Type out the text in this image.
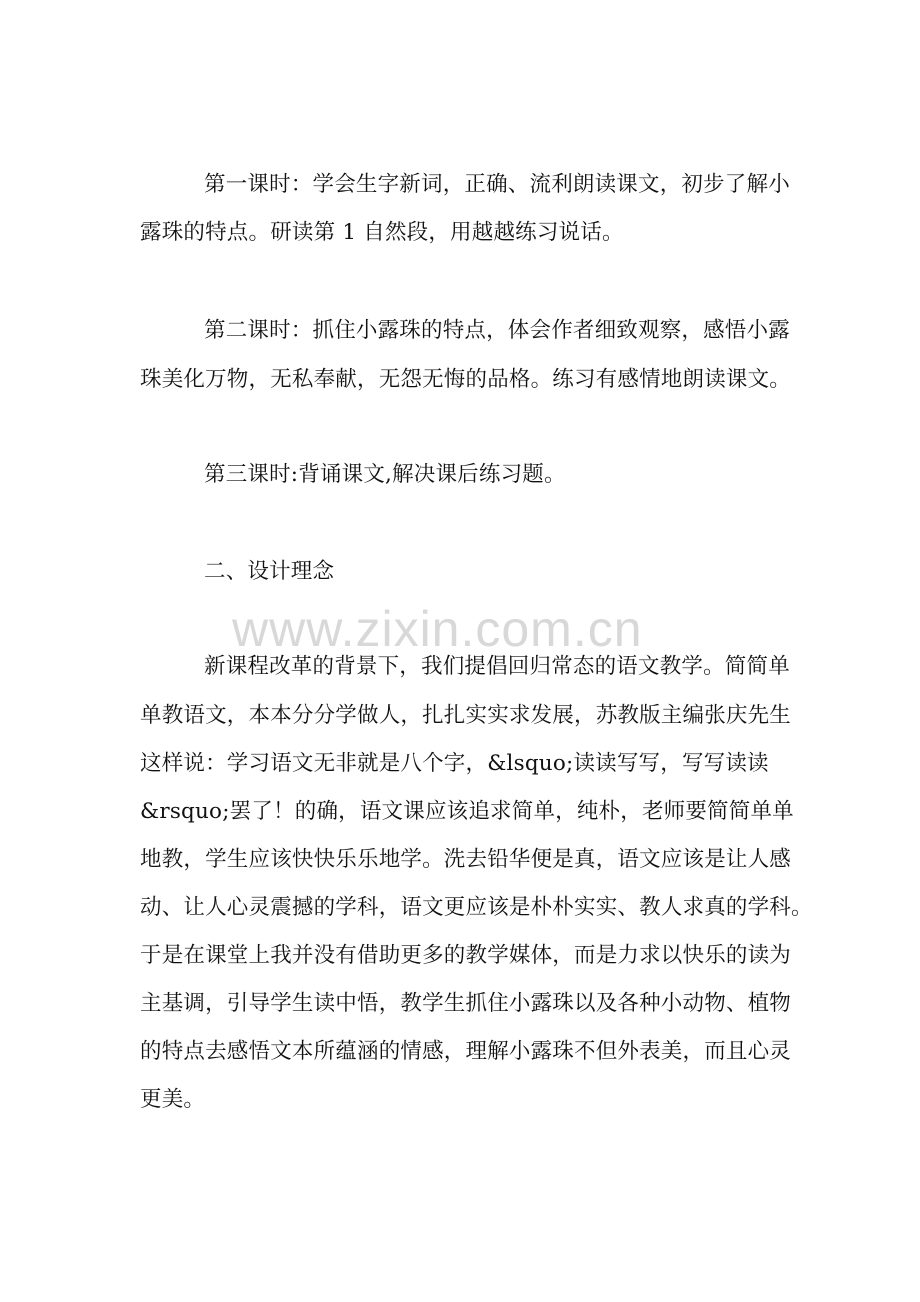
第一课时：学会生字新词，正确、流利朗读课文，初步了解小
露珠的特点。研读第 1 自然段，用越越练习说话。
第二课时：抓住小露珠的特点，体会作者细致观察，感悟小露
珠美化万物，无私奉献，无怨无悔的品格。练习有感情地朗读课文。
第三课时:背诵课文,解决课后练习题。
二、设计理念
www.zixin.com.cn
新课程改革的背景下，我们提倡回归常态的语文教学。简简单
单教语文，本本分分学做人，扎扎实实求发展，苏教版主编张庆先生
这样说：学习语文无非就是八个字，&lsquo;读读写写，写写读读
&rsquo;罢了！的确，语文课应该追求简单，纯朴，老师要简简单单
地教，学生应该快快乐乐地学。洗去铅华便是真，语文应该是让人感
动、让人心灵震撼的学科，语文更应该是朴朴实实、教人求真的学科。
于是在课堂上我并没有借助更多的教学媒体，而是力求以快乐的读为
主基调，引导学生读中悟，教学生抓住小露珠以及各种小动物、植物
的特点去感悟文本所蕴涵的情感，理解小露珠不但外表美，而且心灵
更美。
